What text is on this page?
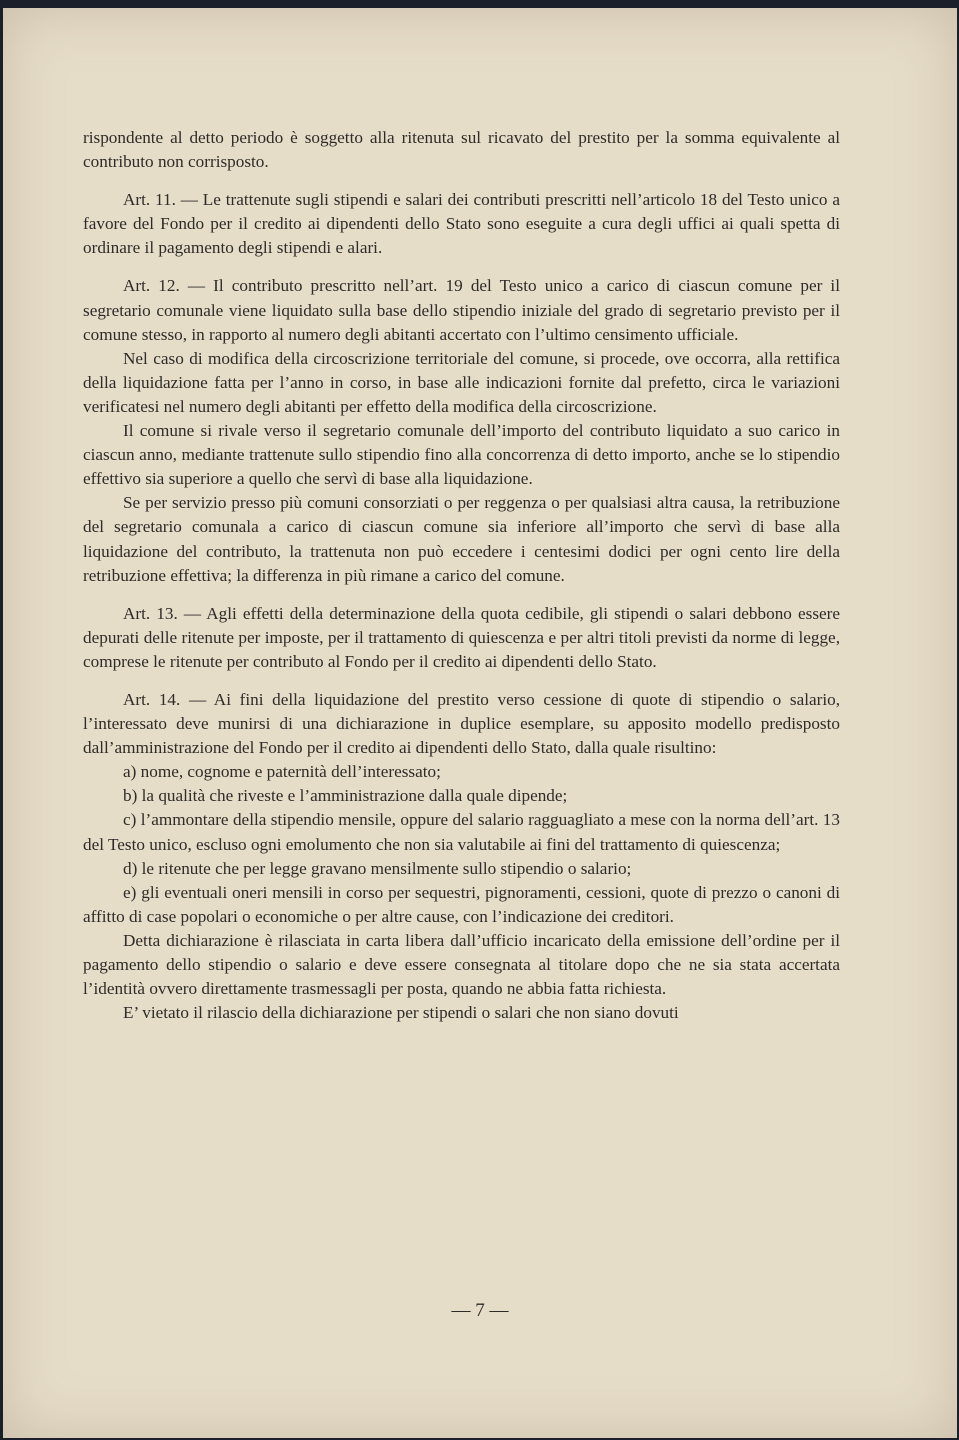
rispondente al detto periodo è soggetto alla ritenuta sul ricavato del prestito per la somma equivalente al contributo non corrisposto.

Art. 11. — Le trattenute sugli stipendi e salari dei contributi prescritti nell’articolo 18 del Testo unico a favore del Fondo per il credito ai dipendenti dello Stato sono eseguite a cura degli uffici ai quali spetta di ordinare il pagamento degli stipendi e alari.

Art. 12. — Il contributo prescritto nell’art. 19 del Testo unico a carico di ciascun comune per il segretario comunale viene liquidato sulla base dello stipendio iniziale del grado di segretario previsto per il comune stesso, in rapporto al numero degli abitanti accertato con l’ultimo censimento ufficiale.

Nel caso di modifica della circoscrizione territoriale del comune, si procede, ove occorra, alla rettifica della liquidazione fatta per l’anno in corso, in base alle indicazioni fornite dal prefetto, circa le variazioni verificatesi nel numero degli abitanti per effetto della modifica della circoscrizione.

Il comune si rivale verso il segretario comunale dell’importo del contributo liquidato a suo carico in ciascun anno, mediante trattenute sullo stipendio fino alla concorrenza di detto importo, anche se lo stipendio effettivo sia superiore a quello che servì di base alla liquidazione.

Se per servizio presso più comuni consorziati o per reggenza o per qualsiasi altra causa, la retribuzione del segretario comunala a carico di ciascun comune sia inferiore all’importo che servì di base alla liquidazione del contributo, la trattenuta non può eccedere i centesimi dodici per ogni cento lire della retribuzione effettiva; la differenza in più rimane a carico del comune.

Art. 13. — Agli effetti della determinazione della quota cedibile, gli stipendi o salari debbono essere depurati delle ritenute per imposte, per il trattamento di quiescenza e per altri titoli previsti da norme di legge, comprese le ritenute per contributo al Fondo per il credito ai dipendenti dello Stato.

Art. 14. — Ai fini della liquidazione del prestito verso cessione di quote di stipendio o salario, l’interessato deve munirsi di una dichiarazione in duplice esemplare, su apposito modello predisposto dall’amministrazione del Fondo per il credito ai dipendenti dello Stato, dalla quale risultino:

a) nome, cognome e paternità dell’interessato;

b) la qualità che riveste e l’amministrazione dalla quale dipende;

c) l’ammontare della stipendio mensile, oppure del salario ragguagliato a mese con la norma dell’art. 13 del Testo unico, escluso ogni emolumento che non sia valutabile ai fini del trattamento di quiescenza;

d) le ritenute che per legge gravano mensilmente sullo stipendio o salario;

e) gli eventuali oneri mensili in corso per sequestri, pignoramenti, cessioni, quote di prezzo o canoni di affitto di case popolari o economiche o per altre cause, con l’indicazione dei creditori.

Detta dichiarazione è rilasciata in carta libera dall’ufficio incaricato della emissione dell’ordine per il pagamento dello stipendio o salario e deve essere consegnata al titolare dopo che ne sia stata accertata l’identità ovvero direttamente trasmessagli per posta, quando ne abbia fatta richiesta.

E’ vietato il rilascio della dichiarazione per stipendi o salari che non siano dovuti

— 7 —
